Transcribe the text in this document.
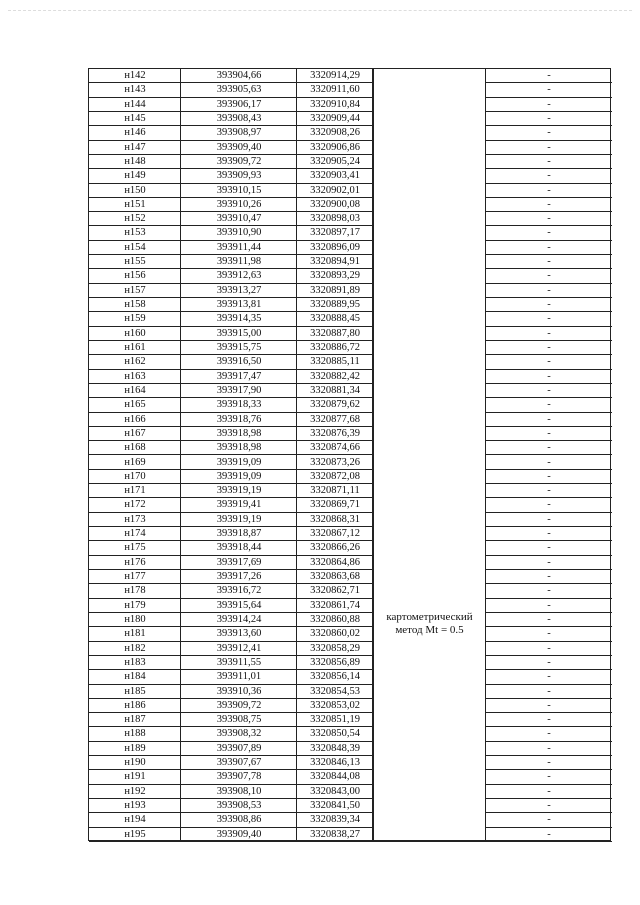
н142	393904,66	3320914,29	-
н143	393905,63	3320911,60	-
н144	393906,17	3320910,84	-
н145	393908,43	3320909,44	-
н146	393908,97	3320908,26	-
н147	393909,40	3320906,86	-
н148	393909,72	3320905,24	-
н149	393909,93	3320903,41	-
н150	393910,15	3320902,01	-
н151	393910,26	3320900,08	-
н152	393910,47	3320898,03	-
н153	393910,90	3320897,17	-
н154	393911,44	3320896,09	-
н155	393911,98	3320894,91	-
н156	393912,63	3320893,29	-
н157	393913,27	3320891,89	-
н158	393913,81	3320889,95	-
н159	393914,35	3320888,45	-
н160	393915,00	3320887,80	-
н161	393915,75	3320886,72	-
н162	393916,50	3320885,11	-
н163	393917,47	3320882,42	-
н164	393917,90	3320881,34	-
н165	393918,33	3320879,62	-
н166	393918,76	3320877,68	-
н167	393918,98	3320876,39	-
н168	393918,98	3320874,66	-
н169	393919,09	3320873,26	-
н170	393919,09	3320872,08	-
н171	393919,19	3320871,11	-
н172	393919,41	3320869,71	-
н173	393919,19	3320868,31	-
н174	393918,87	3320867,12	-
н175	393918,44	3320866,26	-
н176	393917,69	3320864,86	-
н177	393917,26	3320863,68	-
н178	393916,72	3320862,71	-
н179	393915,64	3320861,74	-
н180	393914,24	3320860,88	-
н181	393913,60	3320860,02	-
н182	393912,41	3320858,29	-
н183	393911,55	3320856,89	-
н184	393911,01	3320856,14	-
н185	393910,36	3320854,53	-
н186	393909,72	3320853,02	-
н187	393908,75	3320851,19	-
н188	393908,32	3320850,54	-
н189	393907,89	3320848,39	-
н190	393907,67	3320846,13	-
н191	393907,78	3320844,08	-
н192	393908,10	3320843,00	-
н193	393908,53	3320841,50	-
н194	393908,86	3320839,34	-
н195	393909,40	3320838,27	-
картометрический
метод Mt = 0.5
